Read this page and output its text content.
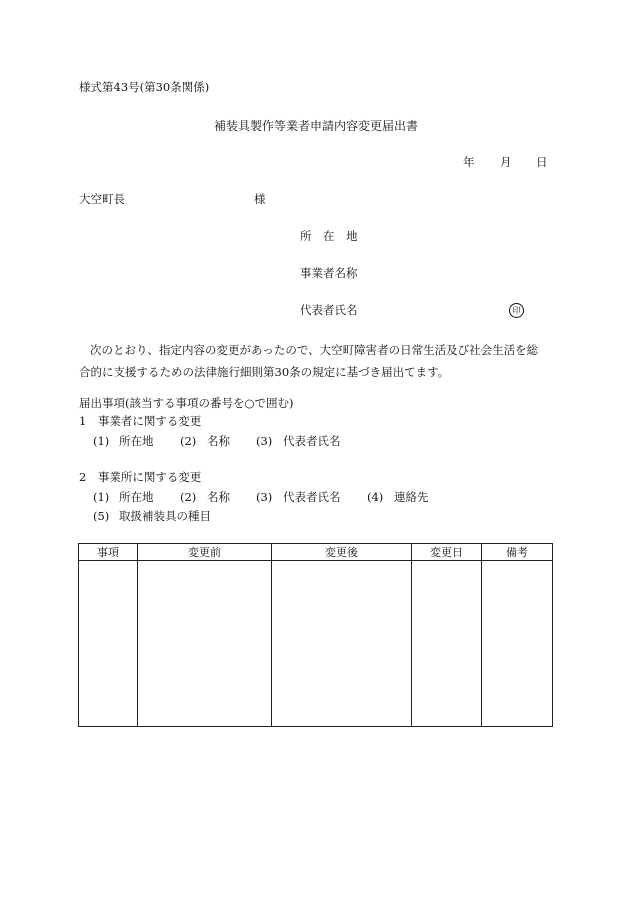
様式第43号(第30条関係)
補装具製作等業者申請内容変更届出書
年 月 日
大空町長	様
所　在　地
事業者名称
代表者氏名	印

次のとおり、指定内容の変更があったので、大空町障害者の日常生活及び社会生活を総

合的に支援するための法律施行細則第30条の規定に基づき届出てます。

届出事項(該当する事項の番号を○で囲む)
1　事業者に関する変更
(1) 所在地 (2) 名称 (3) 代表者氏名
2　事業所に関する変更
(1) 所在地 (2) 名称 (3) 代表者氏名 (4) 連絡先
(5) 取扱補装具の種目
事項	変更前	変更後	変更日	備考
